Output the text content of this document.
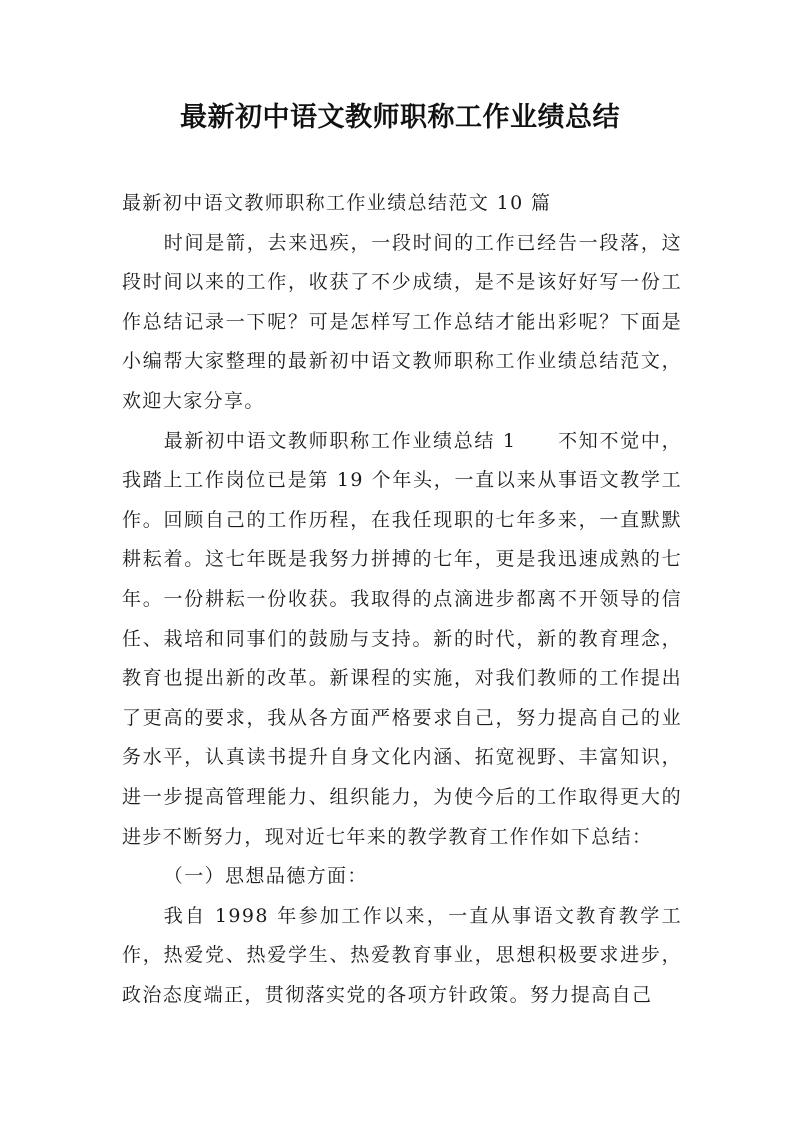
最新初中语文教师职称工作业绩总结

最新初中语文教师职称工作业绩总结范文 10 篇

时间是箭，去来迅疾，一段时间的工作已经告一段落，这段时间以来的工作，收获了不少成绩，是不是该好好写一份工作总结记录一下呢？可是怎样写工作总结才能出彩呢？下面是小编帮大家整理的最新初中语文教师职称工作业绩总结范文，欢迎大家分享。

最新初中语文教师职称工作业绩总结 1　　不知不觉中，我踏上工作岗位已是第 19 个年头，一直以来从事语文教学工作。回顾自己的工作历程，在我任现职的七年多来，一直默默耕耘着。这七年既是我努力拼搏的七年，更是我迅速成熟的七年。一份耕耘一份收获。我取得的点滴进步都离不开领导的信任、栽培和同事们的鼓励与支持。新的时代，新的教育理念，教育也提出新的改革。新课程的实施，对我们教师的工作提出了更高的要求，我从各方面严格要求自己，努力提高自己的业务水平，认真读书提升自身文化内涵、拓宽视野、丰富知识，进一步提高管理能力、组织能力，为使今后的工作取得更大的进步不断努力，现对近七年来的教学教育工作作如下总结：

（一）思想品德方面：

我自 1998 年参加工作以来，一直从事语文教育教学工作，热爱党、热爱学生、热爱教育事业，思想积极要求进步，政治态度端正，贯彻落实党的各项方针政策。努力提高自己
